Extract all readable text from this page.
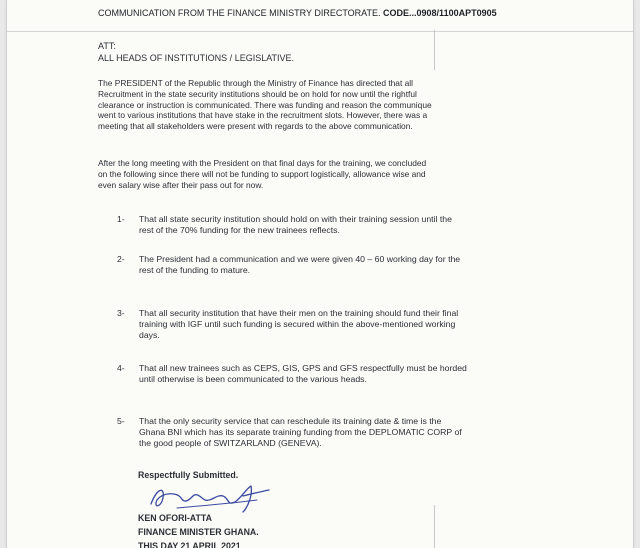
COMMUNICATION FROM THE FINANCE MINISTRY DIRECTORATE. CODE...0908/1100APT0905
ATT:
ALL HEADS OF INSTITUTIONS / LEGISLATIVE.
The PRESIDENT of the Republic through the Ministry of Finance has directed that all
Recruitment in the state security institutions should be on hold for now until the rightful
clearance or instruction is communicated. There was funding and reason the communique
went to various institutions that have stake in the recruitment slots. However, there was a
meeting that all stakeholders were present with regards to the above communication.
After the long meeting with the President on that final days for the training, we concluded
on the following since there will not be funding to support logistically, allowance wise and
even salary wise after their pass out for now.
1- That all state security institution should hold on with their training session until the
rest of the 70% funding for the new trainees reflects.
2- The President had a communication and we were given 40 – 60 working day for the
rest of the funding to mature.
3- That all security institution that have their men on the training should fund their final
training with IGF until such funding is secured within the above-mentioned working
days.
4- That all new trainees such as CEPS, GIS, GPS and GFS respectfully must be horded
until otherwise is been communicated to the various heads.
5- That the only security service that can reschedule its training date & time is the
Ghana BNI which has its separate training funding from the DEPLOMATIC CORP of
the good people of SWITZARLAND (GENEVA).
Respectfully Submitted.
KEN OFORI-ATTA
FINANCE MINISTER GHANA.
THIS DAY 21 APRIL 2021
